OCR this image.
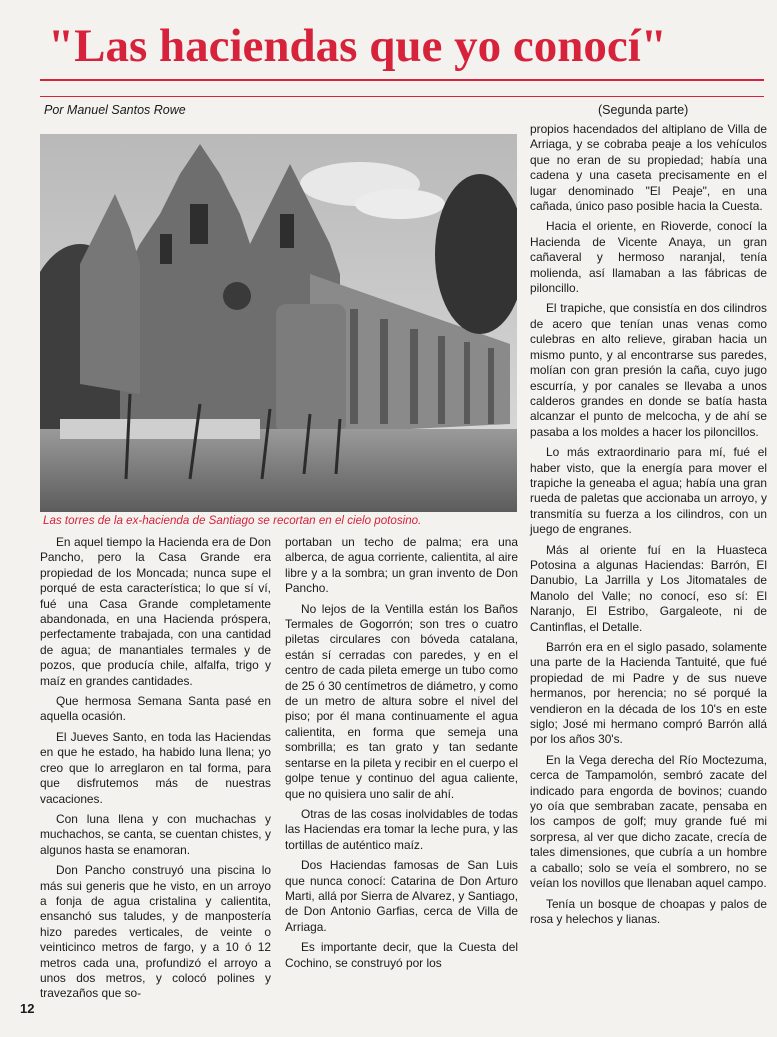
"Las haciendas que yo conocí"
Por Manuel Santos Rowe	(Segunda parte)
Las torres de la ex-hacienda de Santiago se recortan en el cielo potosino.

En aquel tiempo la Hacienda era de Don Pancho, pero la Casa Grande era propiedad de los Moncada; nunca supe el porqué de esta característica; lo que sí ví, fué una Casa Grande completamente abandonada, en una Hacienda próspera, perfectamente trabajada, con una cantidad de agua; de manantiales termales y de pozos, que producía chile, alfalfa, trigo y maíz en grandes cantidades.

Que hermosa Semana Santa pasé en aquella ocasión.

El Jueves Santo, en toda las Haciendas en que he estado, ha habido luna llena; yo creo que lo arreglaron en tal forma, para que disfrutemos más de nuestras vacaciones.

Con luna llena y con muchachas y muchachos, se canta, se cuentan chistes, y algunos hasta se enamoran.

Don Pancho construyó una piscina lo más sui generis que he visto, en un arroyo a fonja de agua cristalina y calientita, ensanchó sus taludes, y de manpostería hizo paredes verticales, de veinte o veinticinco metros de fargo, y a 10 ó 12 metros cada una, profundizó el arroyo a unos dos metros, y colocó polines y travezaños que so-

portaban un techo de palma; era una alberca, de agua corriente, calientita, al aire libre y a la sombra; un gran invento de Don Pancho.

No lejos de la Ventilla están los Baños Termales de Gogorrón; son tres o cuatro piletas circulares con bóveda catalana, están sí cerradas con paredes, y en el centro de cada pileta emerge un tubo como de 25 ó 30 centímetros de diámetro, y como de un metro de altura sobre el nivel del piso; por él mana continuamente el agua calientita, en forma que semeja una sombrilla; es tan grato y tan sedante sentarse en la pileta y recibir en el cuerpo el golpe tenue y continuo del agua caliente, que no quisiera uno salir de ahí.

Otras de las cosas inolvidables de todas las Haciendas era tomar la leche pura, y las tortillas de auténtico maíz.

Dos Haciendas famosas de San Luis que nunca conocí: Catarina de Don Arturo Marti, allá por Sierra de Alvarez, y Santiago, de Don Antonio Garfias, cerca de Villa de Arriaga.

Es importante decir, que la Cuesta del Cochino, se construyó por los

propios hacendados del altiplano de Villa de Arriaga, y se cobraba peaje a los vehículos que no eran de su propiedad; había una cadena y una caseta precisamente en el lugar denominado "El Peaje", en una cañada, único paso posible hacia la Cuesta.

Hacia el oriente, en Rioverde, conocí la Hacienda de Vicente Anaya, un gran cañaveral y hermoso naranjal, tenía molienda, así llamaban a las fábricas de piloncillo.

El trapiche, que consistía en dos cilindros de acero que tenían unas venas como culebras en alto relieve, giraban hacia un mismo punto, y al encontrarse sus paredes, molían con gran presión la caña, cuyo jugo escurría, y por canales se llevaba a unos calderos grandes en donde se batía hasta alcanzar el punto de melcocha, y de ahí se pasaba a los moldes a hacer los piloncillos.

Lo más extraordinario para mí, fué el haber visto, que la energía para mover el trapiche la geneaba el agua; había una gran rueda de paletas que accionaba un arroyo, y transmitía su fuerza a los cilindros, con un juego de engranes.

Más al oriente fuí en la Huasteca Potosina a algunas Haciendas: Barrón, El Danubio, La Jarrilla y Los Jitomatales de Manolo del Valle; no conocí, eso sí: El Naranjo, El Estribo, Gargaleote, ni de Cantinflas, el Detalle.

Barrón era en el siglo pasado, solamente una parte de la Hacienda Tantuité, que fué propiedad de mi Padre y de sus nueve hermanos, por herencia; no sé porqué la vendieron en la década de los 10's en este siglo; José mi hermano compró Barrón allá por los años 30's.

En la Vega derecha del Río Moctezuma, cerca de Tampamolón, sembró zacate del indicado para engorda de bovinos; cuando yo oía que sembraban zacate, pensaba en los campos de golf; muy grande fué mi sorpresa, al ver que dicho zacate, crecía de tales dimensiones, que cubría a un hombre a caballo; solo se veía el sombrero, no se veían los novillos que llenaban aquel campo.

Tenía un bosque de choapas y palos de rosa y helechos y lianas.

12
